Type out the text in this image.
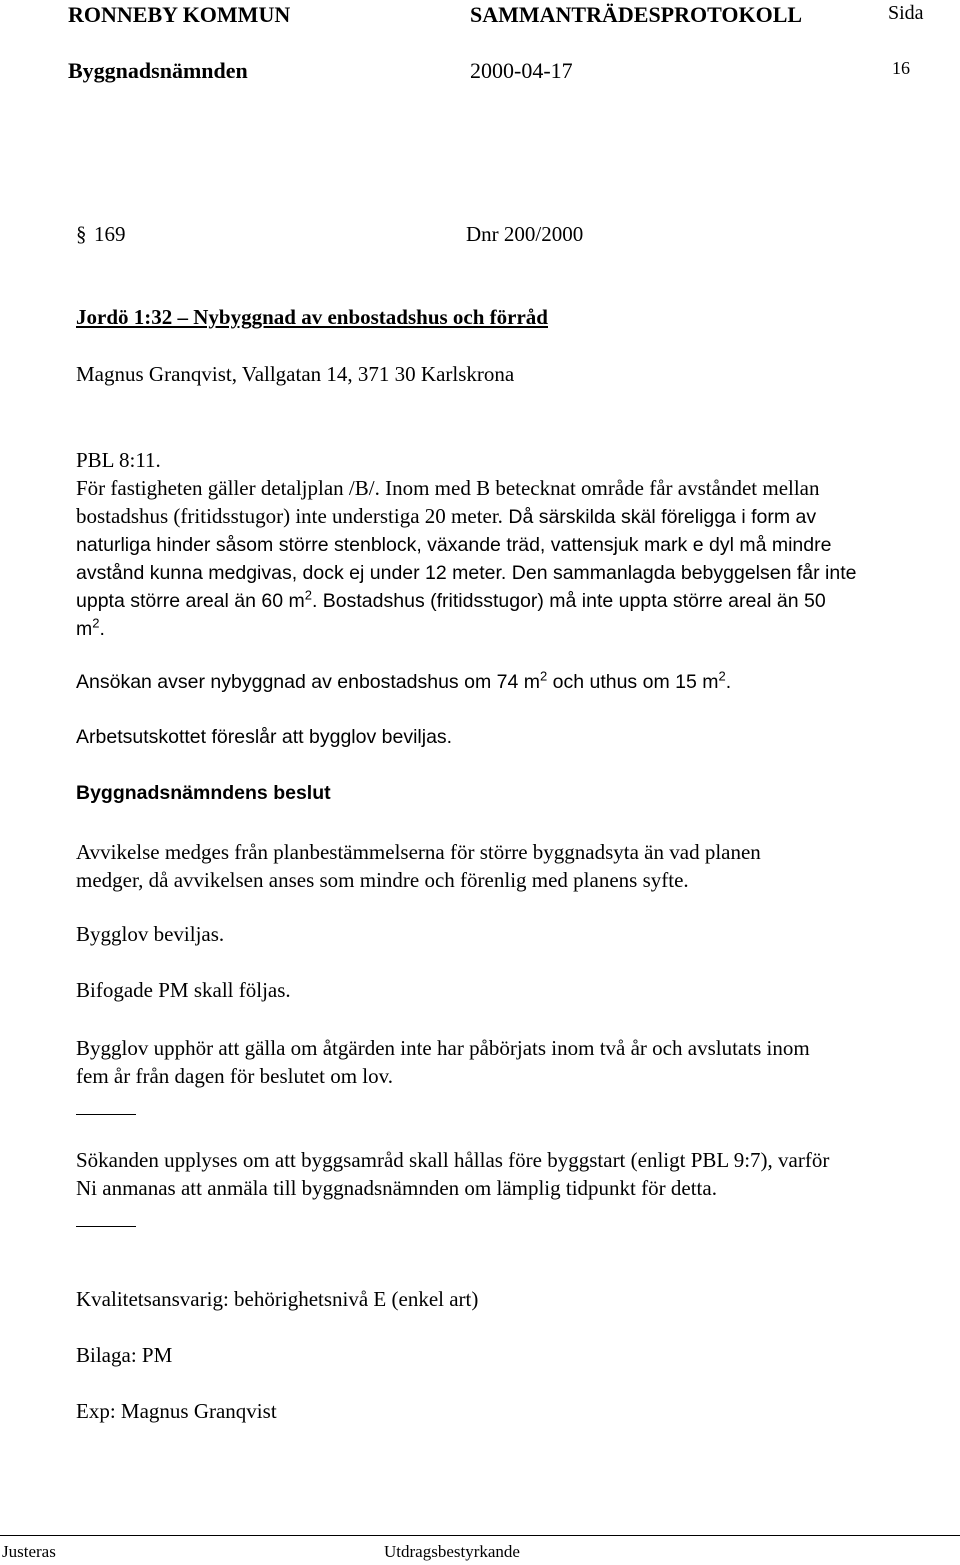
RONNEBY KOMMUN	SAMMANTRÄDESPROTOKOLL	Sida
Byggnadsnämnden	2000-04-17	16
§ 169	Dnr 200/2000
Jordö 1:32 – Nybyggnad av enbostadshus och förråd
Magnus Granqvist, Vallgatan 14, 371 30 Karlskrona
PBL 8:11.
För fastigheten gäller detaljplan /B/. Inom med B betecknat område får avståndet mellan
bostadshus (fritidsstugor) inte understiga 20 meter. Då särskilda skäl föreligga i form av
naturliga hinder såsom större stenblock, växande träd, vattensjuk mark e dyl må mindre
avstånd kunna medgivas, dock ej under 12 meter. Den sammanlagda bebyggelsen får inte
uppta större areal än 60 $m^2$. Bostadshus (fritidsstugor) må inte uppta större areal än 50
$m^2$.
Ansökan avser nybyggnad av enbostadshus om 74 $m^2$ och uthus om 15 $m^2$.
Arbetsutskottet föreslår att bygglov beviljas.
Byggnadsnämndens beslut
Avvikelse medges från planbestämmelserna för större byggnadsyta än vad planen
medger, då avvikelsen anses som mindre och förenlig med planens syfte.
Bygglov beviljas.
Bifogade PM skall följas.
Bygglov upphör att gälla om åtgärden inte har påbörjats inom två år och avslutats inom
fem år från dagen för beslutet om lov.
Sökanden upplyses om att byggsamråd skall hållas före byggstart (enligt PBL 9:7), varför
Ni anmanas att anmäla till byggnadsnämnden om lämplig tidpunkt för detta.
Kvalitetsansvarig: behörighetsnivå E (enkel art)
Bilaga: PM
Exp: Magnus Granqvist
Justeras	Utdragsbestyrkande
